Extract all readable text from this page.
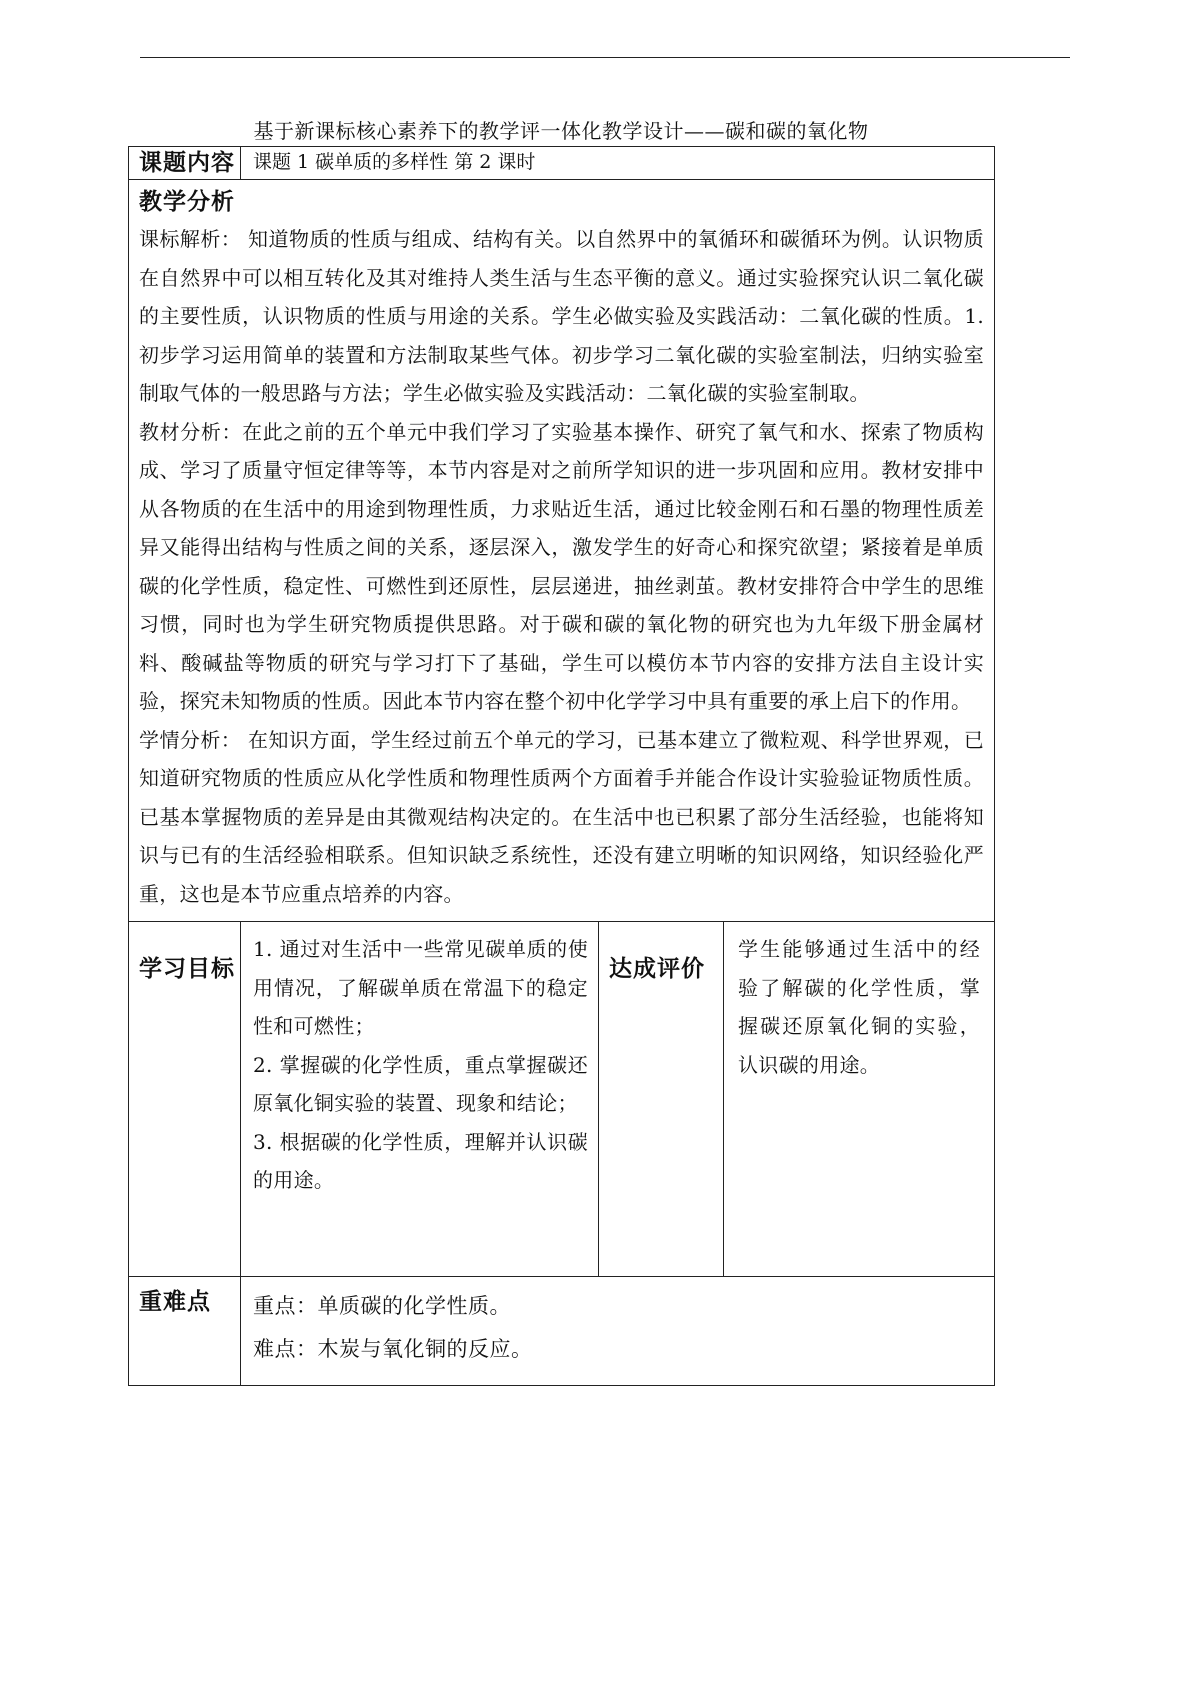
基于新课标核心素养下的教学评一体化教学设计——碳和碳的氧化物
课题内容	课题 1 碳单质的多样性 第 2 课时		

教学分析

课标解析： 知道物质的性质与组成、结构有关。以自然界中的氧循环和碳循环为例。认识物质在自然界中可以相互转化及其对维持人类生活与生态平衡的意义。通过实验探究认识二氧化碳的主要性质，认识物质的性质与用途的关系。学生必做实验及实践活动：二氧化碳的性质。1. 初步学习运用简单的装置和方法制取某些气体。初步学习二氧化碳的实验室制法，归纳实验室制取气体的一般思路与方法；学生必做实验及实践活动：二氧化碳的实验室制取。

教材分析：在此之前的五个单元中我们学习了实验基本操作、研究了氧气和水、探索了物质构成、学习了质量守恒定律等等，本节内容是对之前所学知识的进一步巩固和应用。教材安排中从各物质的在生活中的用途到物理性质，力求贴近生活，通过比较金刚石和石墨的物理性质差异又能得出结构与性质之间的关系，逐层深入，激发学生的好奇心和探究欲望；紧接着是单质碳的化学性质，稳定性、可燃性到还原性，层层递进，抽丝剥茧。教材安排符合中学生的思维习惯，同时也为学生研究物质提供思路。对于碳和碳的氧化物的研究也为九年级下册金属材料、酸碱盐等物质的研究与学习打下了基础，学生可以模仿本节内容的安排方法自主设计实验，探究未知物质的性质。因此本节内容在整个初中化学学习中具有重要的承上启下的作用。

学情分析： 在知识方面，学生经过前五个单元的学习，已基本建立了微粒观、科学世界观，已知道研究物质的性质应从化学性质和物理性质两个方面着手并能合作设计实验验证物质性质。已基本掌握物质的差异是由其微观结构决定的。在生活中也已积累了部分生活经验，也能将知识与已有的生活经验相联系。但知识缺乏系统性，还没有建立明晰的知识网络，知识经验化严重，这也是本节应重点培养的内容。			

学习目标	1. 通过对生活中一些常见碳单质的使用情况，了解碳单质在常温下的稳定性和可燃性；

2. 掌握碳的化学性质，重点掌握碳还原氧化铜实验的装置、现象和结论；

3. 根据碳的化学性质，理解并认识碳的用途。	达成评价	学生能够通过生活中的经验了解碳的化学性质，掌握碳还原氧化铜的实验，认识碳的用途。

重难点	重点：单质碳的化学性质。

难点：木炭与氧化铜的反应。		
